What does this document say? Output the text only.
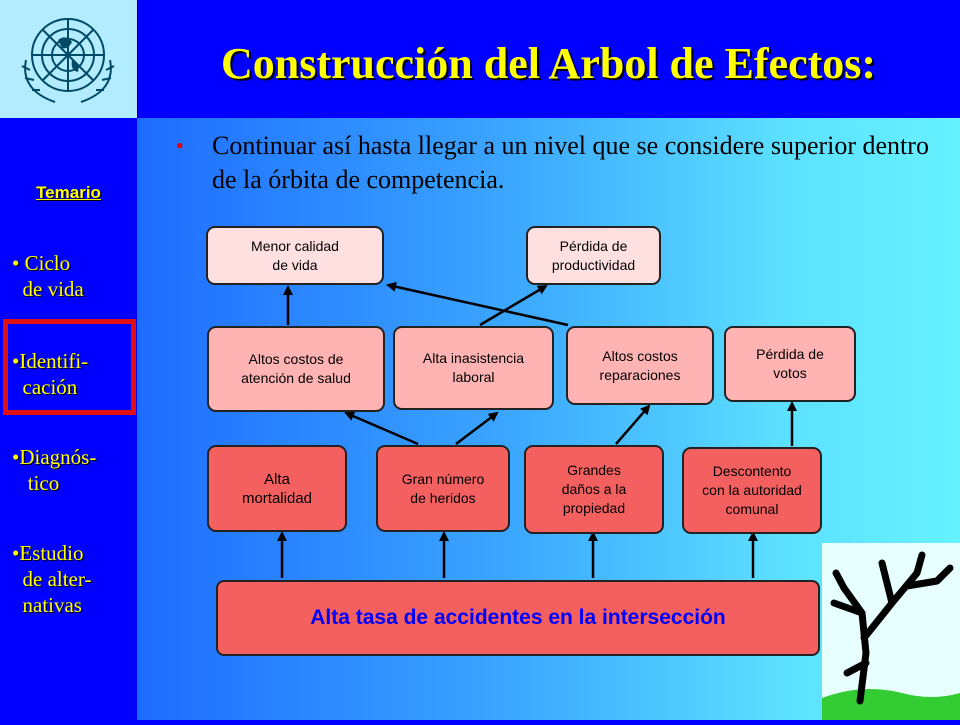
Construcción del Arbol de Efectos:
Temario
• Ciclo
de vida
•Identifi-
cación
•Diagnós-
tico
•Estudio
de alter-
nativas
• Continuar así hasta llegar a un nivel que se considere superior dentro de la órbita de competencia.
Menor calidad
de vida
Pérdida de
productividad
Altos costos de
atención de salud
Alta inasistencia
laboral
Altos costos
reparaciones
Pérdida de
votos
Alta
mortalidad
Gran número
de heridos
Grandes
daños a la
propiedad
Descontento
con la autoridad
comunal
Alta tasa de accidentes en la intersección
